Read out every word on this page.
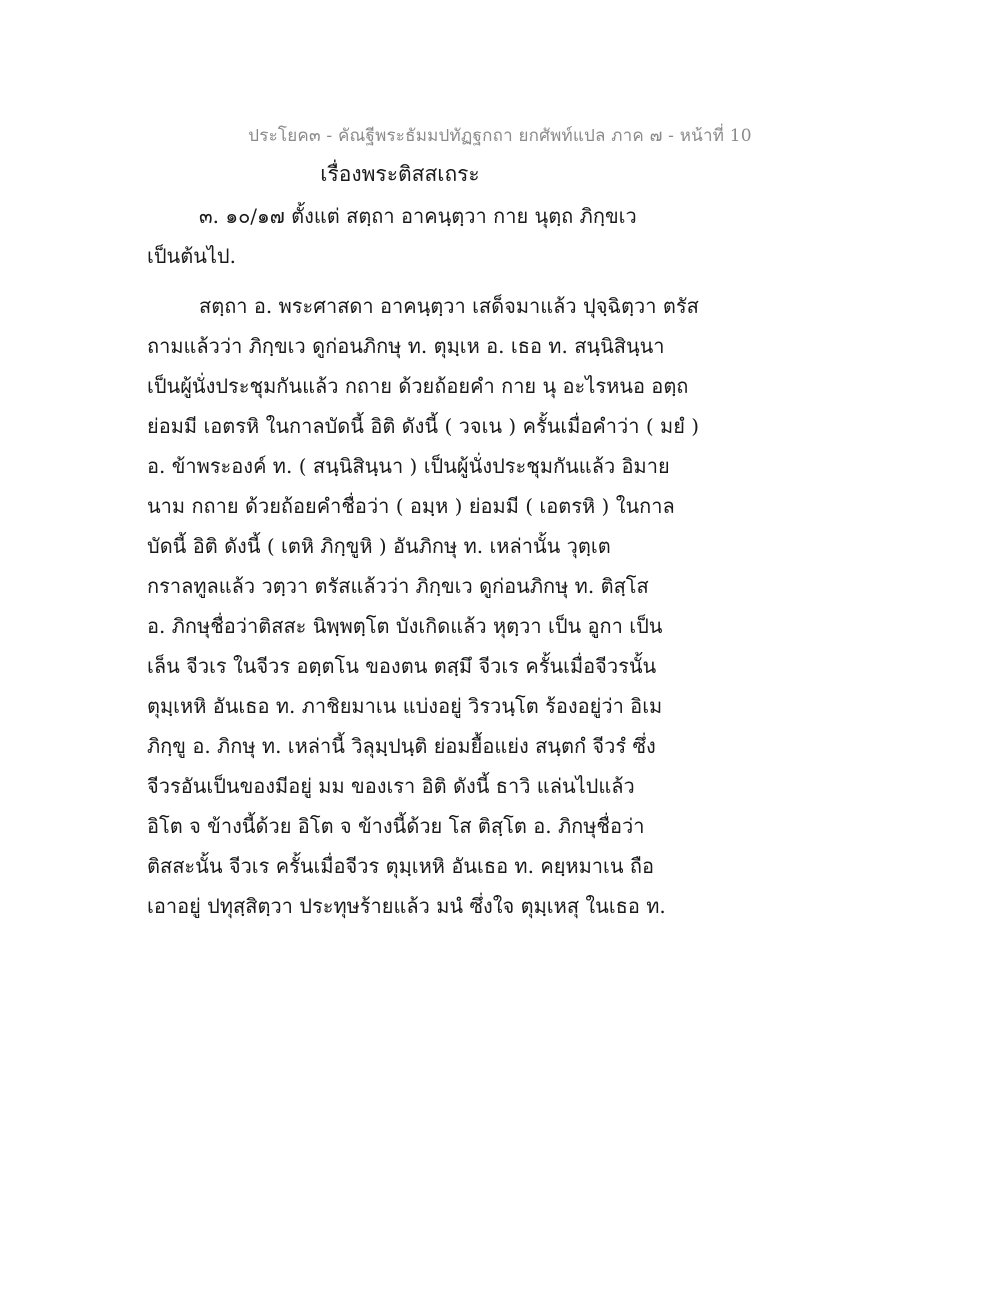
ประโยค๓ - คัณฐีพระธัมมปทัฏฐกถา ยกศัพท์แปล ภาค ๗ - หน้าที่ 10
เรื่องพระติสสเถระ
๓. ๑๐/๑๗ ตั้งแต่ สตฺถา อาคนฺตฺวา กาย นุตฺถ ภิกฺขเว
เป็นต้นไป.
สตฺถา อ. พระศาสดา อาคนฺตฺวา เสด็จมาแล้ว ปุจฺฉิตฺวา ตรัส
ถามแล้วว่า ภิกฺขเว ดูก่อนภิกษุ ท. ตุมฺเห อ. เธอ ท. สนฺนิสินฺนา
เป็นผู้นั่งประชุมกันแล้ว กถาย ด้วยถ้อยคำ กาย นุ อะไรหนอ อตฺถ
ย่อมมี เอตรหิ ในกาลบัดนี้ อิติ ดังนี้ ( วจเน ) ครั้นเมื่อคำว่า ( มยํ )
อ. ข้าพระองค์ ท. ( สนฺนิสินฺนา ) เป็นผู้นั่งประชุมกันแล้ว อิมาย
นาม กถาย ด้วยถ้อยคำชื่อว่า ( อมฺห ) ย่อมมี ( เอตรหิ ) ในกาล
บัดนี้ อิติ ดังนี้ ( เตหิ ภิกฺขูหิ ) อันภิกษุ ท. เหล่านั้น วุตฺเต
กราลทูลแล้ว วตฺวา ตรัสแล้วว่า ภิกฺขเว ดูก่อนภิกษุ ท. ติสฺโส
อ. ภิกษุชื่อว่าติสสะ นิพฺพตฺโต บังเกิดแล้ว หุตฺวา เป็น อูกา เป็น
เล็น จีวเร ในจีวร อตฺตโน ของตน ตสฺมึ จีวเร ครั้นเมื่อจีวรนั้น
ตุมฺเหหิ อันเธอ ท. ภาชิยมาเน แบ่งอยู่ วิรวนฺโต ร้องอยู่ว่า อิเม
ภิกฺขู อ. ภิกษุ ท. เหล่านี้ วิลุมฺปนฺติ ย่อมยื้อแย่ง สนฺตกํ จีวรํ ซึ่ง
จีวรอันเป็นของมีอยู่ มม ของเรา อิติ ดังนี้ ธาวิ แล่นไปแล้ว
อิโต จ ข้างนี้ด้วย อิโต จ ข้างนี้ด้วย โส ติสฺโต อ. ภิกษุชื่อว่า
ติสสะนั้น จีวเร ครั้นเมื่อจีวร ตุมฺเหหิ อันเธอ ท. คยฺหมาเน ถือ
เอาอยู่ ปทุสฺสิตฺวา ประทุษร้ายแล้ว มนํ ซึ่งใจ ตุมฺเหสุ ในเธอ ท.
